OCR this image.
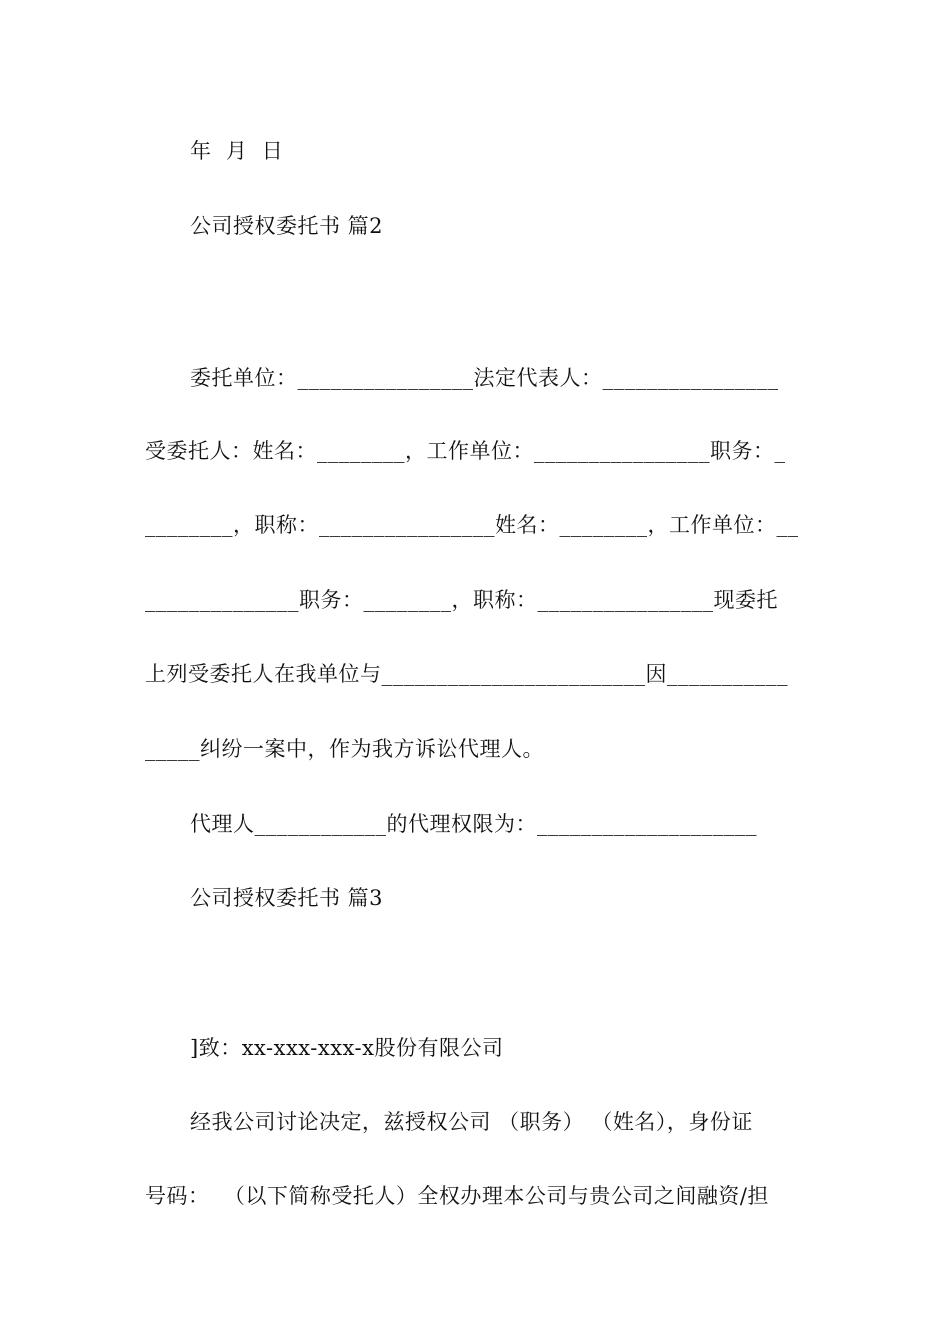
年  月  日
公司授权委托书 篇2
委托单位：________________法定代表人：________________
受委托人：姓名：________，工作单位：________________职务：_
________，职称：________________姓名：________，工作单位：__
______________职务：________，职称：________________现委托
上列受委托人在我单位与________________________因___________
_____纠纷一案中，作为我方诉讼代理人。
代理人____________的代理权限为：____________________
公司授权委托书 篇3
]致：xx-xxx-xxx-x股份有限公司
经我公司讨论决定，兹授权公司 （职务） （姓名），身份证
号码：  （以下简称受托人）全权办理本公司与贵公司之间融资/担
